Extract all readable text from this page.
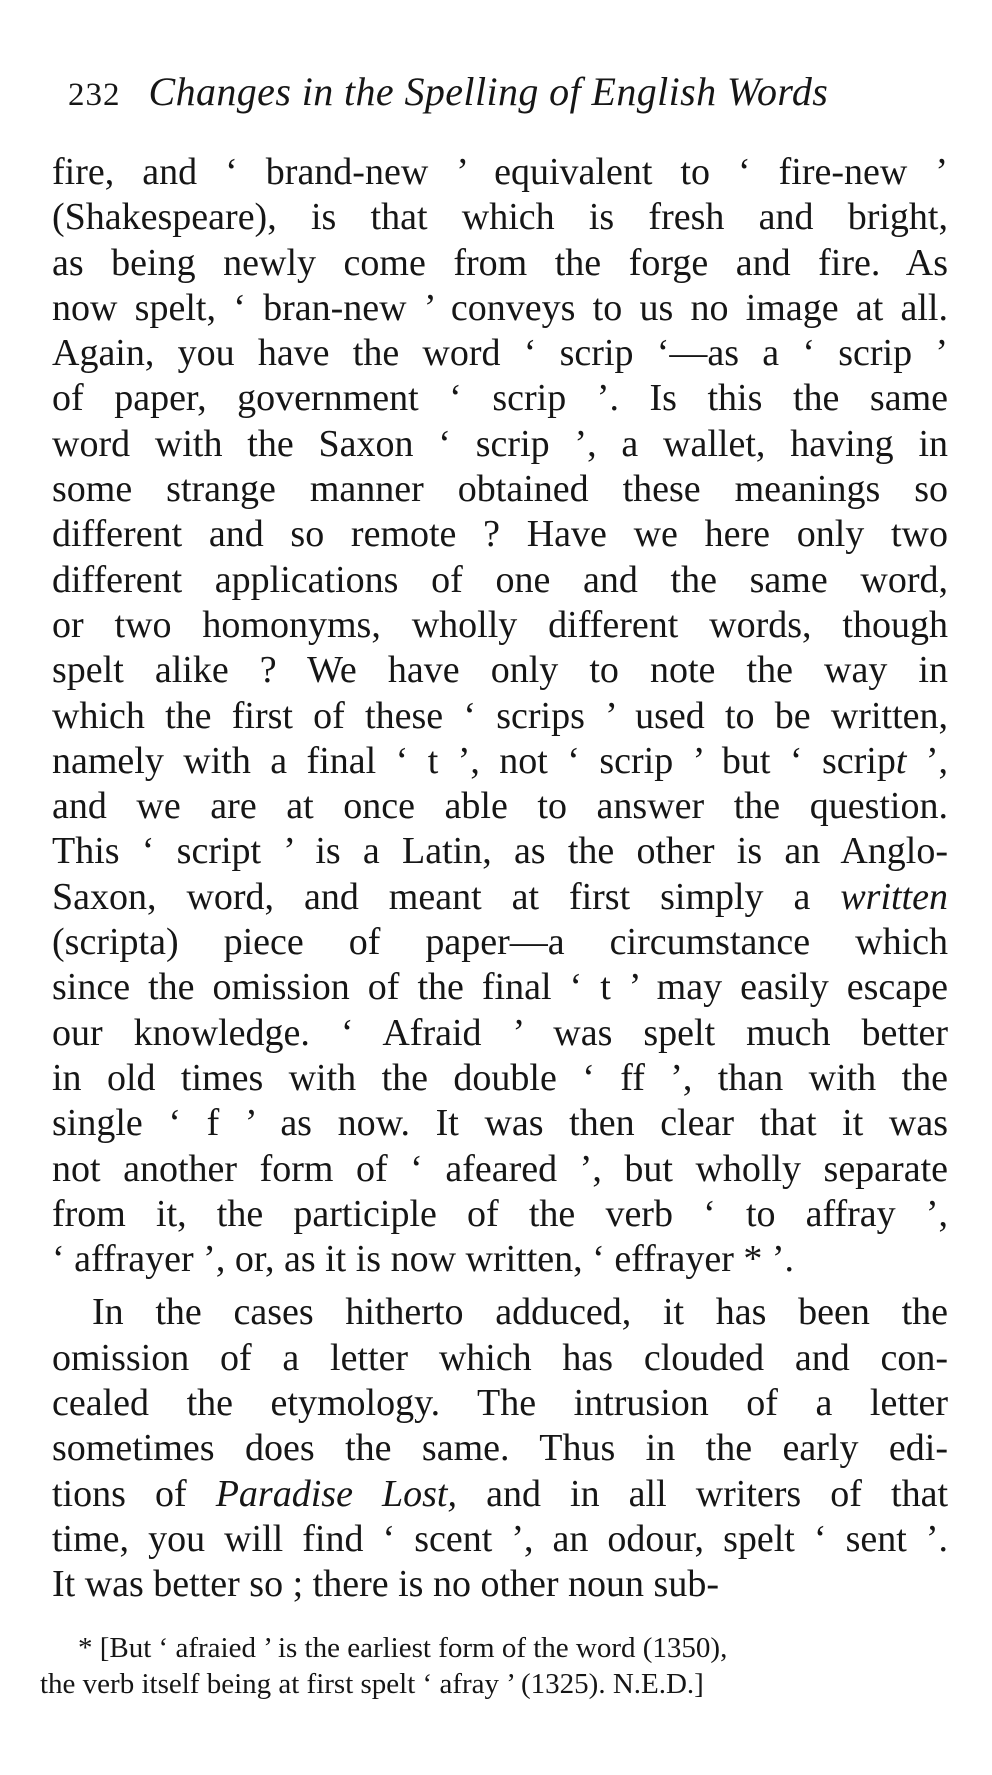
232 Changes in the Spelling of English Words
fire, and ‘ brand-new ’ equivalent to ‘ fire-new ’
(Shakespeare), is that which is fresh and bright,
as being newly come from the forge and fire. As
now spelt, ‘ bran-new ’ conveys to us no image at all.
Again, you have the word ‘ scrip ‘—as a ‘ scrip ’
of paper, government ‘ scrip ’. Is this the same
word with the Saxon ‘ scrip ’, a wallet, having in
some strange manner obtained these meanings so
different and so remote ? Have we here only two
different applications of one and the same word,
or two homonyms, wholly different words, though
spelt alike ? We have only to note the way in
which the first of these ‘ scrips ’ used to be written,
namely with a final ‘ t ’, not ‘ scrip ’ but ‘ script ’,
and we are at once able to answer the question.
This ‘ script ’ is a Latin, as the other is an Anglo-
Saxon, word, and meant at first simply a written
(scripta) piece of paper—a circumstance which
since the omission of the final ‘ t ’ may easily escape
our knowledge. ‘ Afraid ’ was spelt much better
in old times with the double ‘ ff ’, than with the
single ‘ f ’ as now. It was then clear that it was
not another form of ‘ afeared ’, but wholly separate
from it, the participle of the verb ‘ to affray ’,
‘ affrayer ’, or, as it is now written, ‘ effrayer * ’.
In the cases hitherto adduced, it has been the
omission of a letter which has clouded and con-
cealed the etymology. The intrusion of a letter
sometimes does the same. Thus in the early edi-
tions of Paradise Lost, and in all writers of that
time, you will find ‘ scent ’, an odour, spelt ‘ sent ’.
It was better so ; there is no other noun sub-
* [But ‘ afraied ’ is the earliest form of the word (1350),
the verb itself being at first spelt ‘ afray ’ (1325). N.E.D.]
